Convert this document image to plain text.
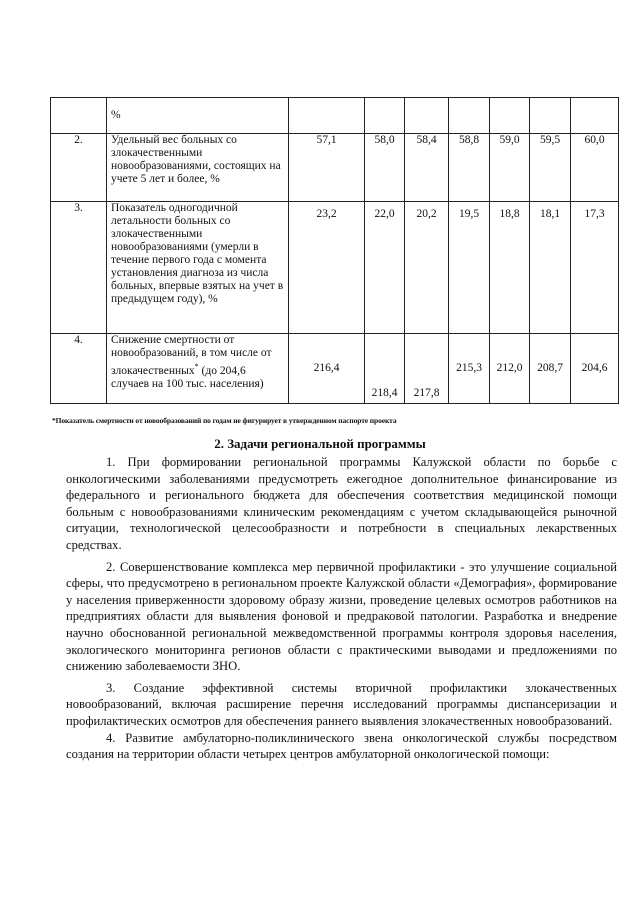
	%							
2.	Удельный вес больных со злокачественными новообразованиями, состоящих на учете 5 лет и более, %	57,1	58,0	58,4	58,8	59,0	59,5	60,0
3.	Показатель одногодичной летальности больных со злокачественными новообразованиями (умерли в течение первого года с момента установления диагноза из числа больных, впервые взятых на учет в предыдущем году), %	23,2	22,0	20,2	19,5	18,8	18,1	17,3
4.	Снижение смертности от новообразований, в том числе от злокачественных* (до 204,6 случаев на 100 тыс. населения)	216,4	218,4	217,8	215,3	212,0	208,7	204,6
*Показатель смертности от новообразований по годам не фигурирует в утвержденном паспорте проекта
2. Задачи региональной программы

1. При формировании региональной программы Калужской области по борьбе с онкологическими заболеваниями предусмотреть ежегодное дополнительное финансирование из федерального и регионального бюджета для обеспечения соответствия медицинской помощи больным с новообразованиями клиническим рекомендациям с учетом складывающейся рыночной ситуации, технологической целесообразности и потребности в специальных лекарственных средствах.

2. Совершенствование комплекса мер первичной профилактики - это улучшение социальной сферы, что предусмотрено в региональном проекте Калужской области «Демография», формирование у населения приверженности здоровому образу жизни, проведение целевых осмотров работников на предприятиях области для выявления фоновой и предраковой патологии. Разработка и внедрение научно обоснованной региональной межведомственной программы контроля здоровья населения, экологического мониторинга регионов области с практическими выводами и предложениями по снижению заболеваемости ЗНО.

3. Создание эффективной системы вторичной профилактики злокачественных новообразований, включая расширение перечня исследований программы диспансеризации и профилактических осмотров для обеспечения раннего выявления злокачественных новообразований.

4. Развитие амбулаторно-поликлинического звена онкологической службы посредством создания на территории области четырех центров амбулаторной онкологической помощи:
